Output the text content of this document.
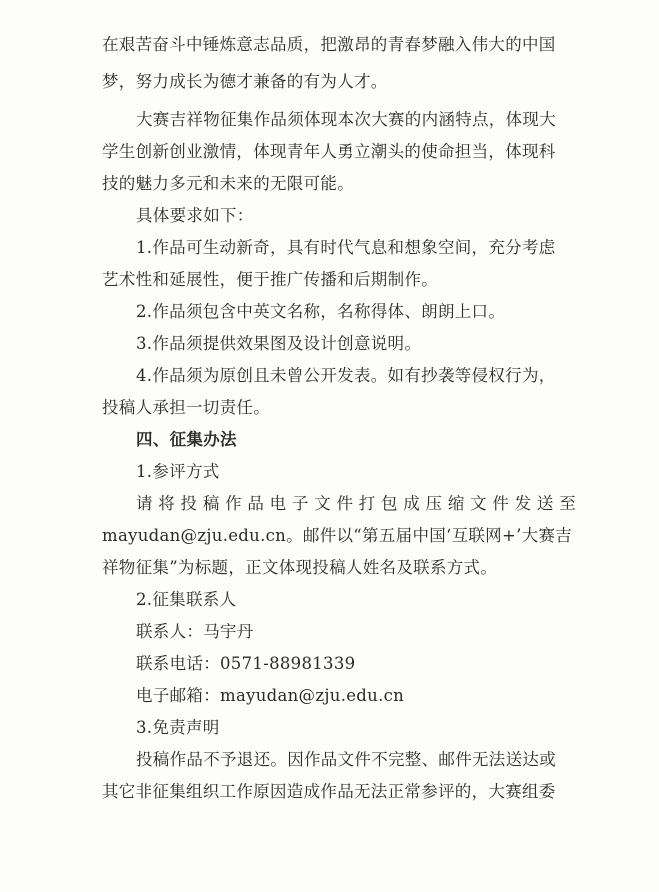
在艰苦奋斗中锤炼意志品质，把激昂的青春梦融入伟大的中国
梦，努力成长为德才兼备的有为人才。
大赛吉祥物征集作品须体现本次大赛的内涵特点，体现大
学生创新创业激情，体现青年人勇立潮头的使命担当，体现科
技的魅力多元和未来的无限可能。
具体要求如下：
1.作品可生动新奇，具有时代气息和想象空间，充分考虑
艺术性和延展性，便于推广传播和后期制作。
2.作品须包含中英文名称，名称得体、朗朗上口。
3.作品须提供效果图及设计创意说明。
4.作品须为原创且未曾公开发表。如有抄袭等侵权行为，
投稿人承担一切责任。
四、征集办法
1.参评方式
请将投稿作品电子文件打包成压缩文件发送至
mayudan@zju.edu.cn。邮件以“第五届中国‘互联网+’大赛吉
祥物征集”为标题，正文体现投稿人姓名及联系方式。
2.征集联系人
联系人：马宇丹
联系电话：0571-88981339
电子邮箱：mayudan@zju.edu.cn
3.免责声明
投稿作品不予退还。因作品文件不完整、邮件无法送达或
其它非征集组织工作原因造成作品无法正常参评的，大赛组委
